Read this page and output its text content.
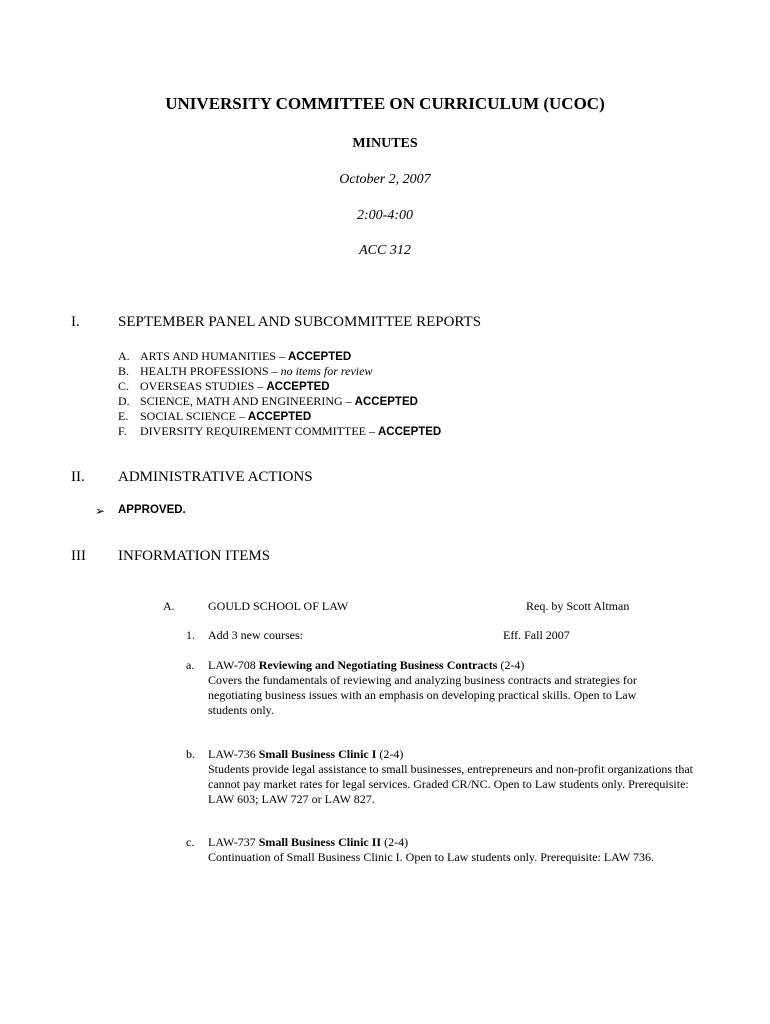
UNIVERSITY COMMITTEE ON CURRICULUM (UCOC)
MINUTES
October 2, 2007
2:00-4:00
ACC 312
I.	SEPTEMBER PANEL AND SUBCOMMITTEE REPORTS
A. ARTS AND HUMANITIES – ACCEPTED
B. HEALTH PROFESSIONS – no items for review
C. OVERSEAS STUDIES – ACCEPTED
D. SCIENCE, MATH AND ENGINEERING – ACCEPTED
E. SOCIAL SCIENCE – ACCEPTED
F. DIVERSITY REQUIREMENT COMMITTEE – ACCEPTED
II. ADMINISTRATIVE ACTIONS
➢ APPROVED.
III INFORMATION ITEMS
A.	GOULD SCHOOL OF LAW	Req. by Scott Altman
1. Add 3 new courses:	Eff. Fall 2007
a. LAW-708 Reviewing and Negotiating Business Contracts (2-4)
Covers the fundamentals of reviewing and analyzing business contracts and strategies for negotiating business issues with an emphasis on developing practical skills. Open to Law students only.
b. LAW-736 Small Business Clinic I (2-4)
Students provide legal assistance to small businesses, entrepreneurs and non-profit organizations that cannot pay market rates for legal services. Graded CR/NC. Open to Law students only. Prerequisite: LAW 603; LAW 727 or LAW 827.
c. LAW-737 Small Business Clinic II (2-4)
Continuation of Small Business Clinic I. Open to Law students only. Prerequisite: LAW 736.
